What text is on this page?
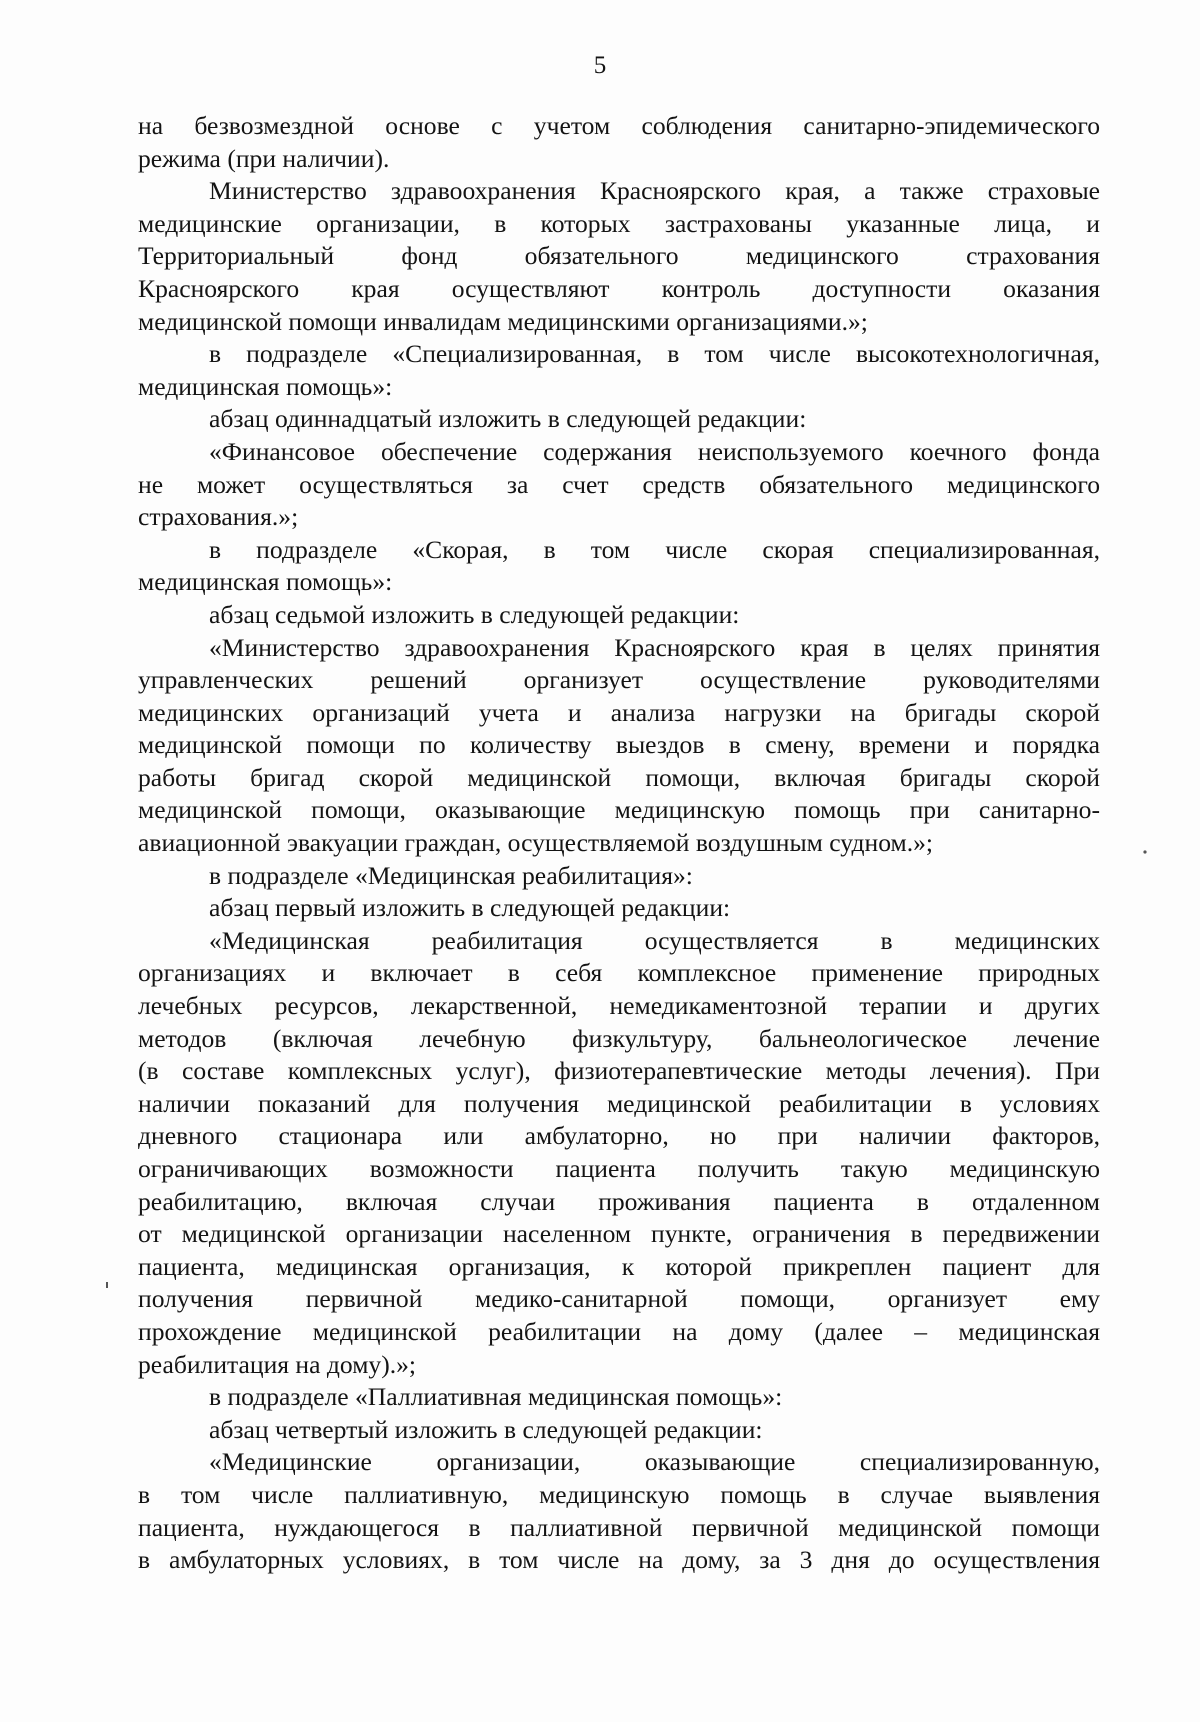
5
на безвозмездной основе с учетом соблюдения санитарно-эпидемического
режима (при наличии).
Министерство здравоохранения Красноярского края, а также страховые
медицинские организации, в которых застрахованы указанные лица, и
Территориальный фонд обязательного медицинского страхования
Красноярского края осуществляют контроль доступности оказания
медицинской помощи инвалидам медицинскими организациями.»;
в подразделе «Специализированная, в том числе высокотехнологичная,
медицинская помощь»:
абзац одиннадцатый изложить в следующей редакции:
«Финансовое обеспечение содержания неиспользуемого коечного фонда
не может осуществляться за счет средств обязательного медицинского
страхования.»;
в подразделе «Скорая, в том числе скорая специализированная,
медицинская помощь»:
абзац седьмой изложить в следующей редакции:
«Министерство здравоохранения Красноярского края в целях принятия
управленческих решений организует осуществление руководителями
медицинских организаций учета и анализа нагрузки на бригады скорой
медицинской помощи по количеству выездов в смену, времени и порядка
работы бригад скорой медицинской помощи, включая бригады скорой
медицинской помощи, оказывающие медицинскую помощь при санитарно-
авиационной эвакуации граждан, осуществляемой воздушным судном.»;
в подразделе «Медицинская реабилитация»:
абзац первый изложить в следующей редакции:
«Медицинская реабилитация осуществляется в медицинских
организациях и включает в себя комплексное применение природных
лечебных ресурсов, лекарственной, немедикаментозной терапии и других
методов (включая лечебную физкультуру, бальнеологическое лечение
(в составе комплексных услуг), физиотерапевтические методы лечения). При
наличии показаний для получения медицинской реабилитации в условиях
дневного стационара или амбулаторно, но при наличии факторов,
ограничивающих возможности пациента получить такую медицинскую
реабилитацию, включая случаи проживания пациента в отдаленном
от медицинской организации населенном пункте, ограничения в передвижении
пациента, медицинская организация, к которой прикреплен пациент для
получения первичной медико-санитарной помощи, организует ему
прохождение медицинской реабилитации на дому (далее – медицинская
реабилитация на дому).»;
в подразделе «Паллиативная медицинская помощь»:
абзац четвертый изложить в следующей редакции:
«Медицинские организации, оказывающие специализированную,
в том числе паллиативную, медицинскую помощь в случае выявления
пациента, нуждающегося в паллиативной первичной медицинской помощи
в амбулаторных условиях, в том числе на дому, за 3 дня до осуществления
